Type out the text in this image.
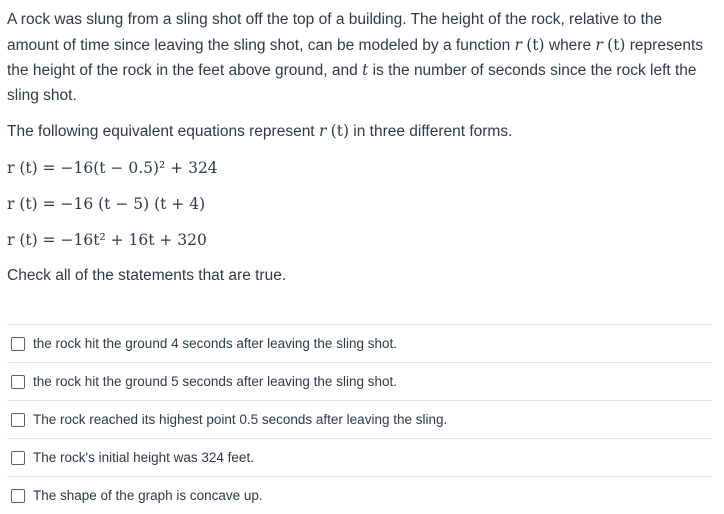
A rock was slung from a sling shot off the top of a building. The height of the rock, relative to the amount of time since leaving the sling shot, can be modeled by a function r (t) where r (t) represents the height of the rock in the feet above ground, and t is the number of seconds since the rock left the sling shot.

The following equivalent equations represent r (t) in three different forms.

r (t) = −16(t − 0.5)² + 324
r (t) = −16 (t − 5) (t + 4)
r (t) = −16t² + 16t + 320

Check all of the statements that are true.

the rock hit the ground 4 seconds after leaving the sling shot.
the rock hit the ground 5 seconds after leaving the sling shot.
The rock reached its highest point 0.5 seconds after leaving the sling.
The rock's initial height was 324 feet.
The shape of the graph is concave up.
